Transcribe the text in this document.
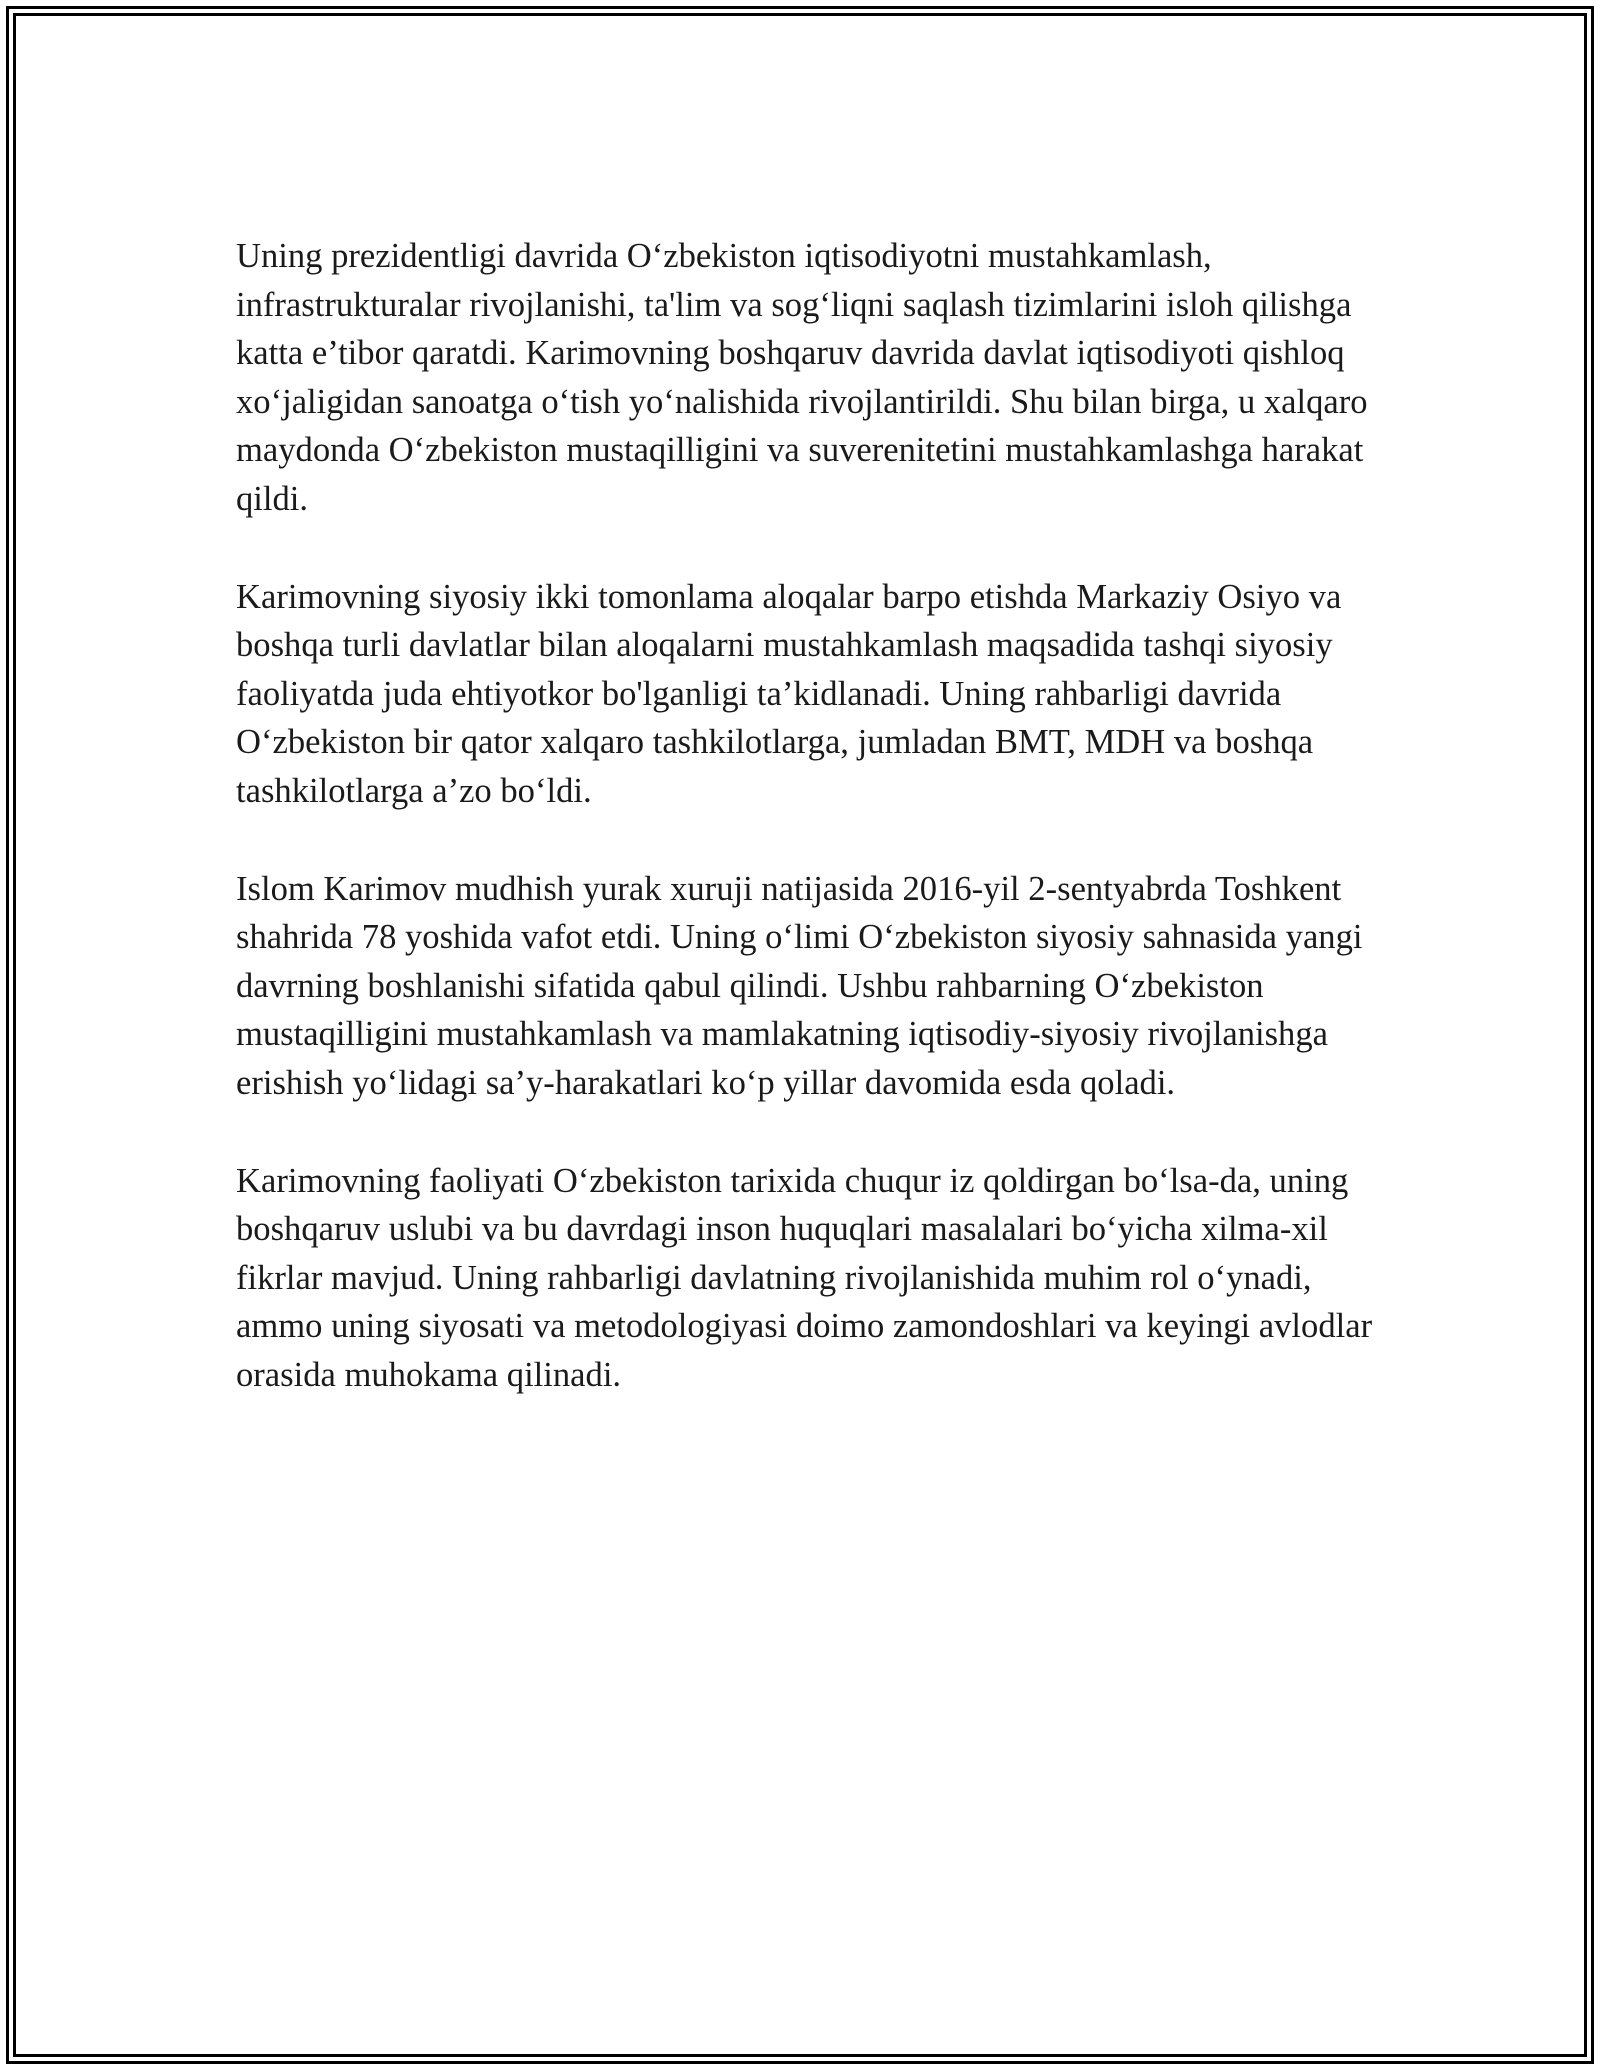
Uning prezidentligi davrida O‘zbekiston iqtisodiyotni mustahkamlash, infrastrukturalar rivojlanishi, ta'lim va sog‘liqni saqlash tizimlarini isloh qilishga katta e’tibor qaratdi. Karimovning boshqaruv davrida davlat iqtisodiyoti qishloq xo‘jaligidan sanoatga o‘tish yo‘nalishida rivojlantirildi. Shu bilan birga, u xalqaro maydonda O‘zbekiston mustaqilligini va suverenitetini mustahkamlashga harakat qildi.

Karimovning siyosiy ikki tomonlama aloqalar barpo etishda Markaziy Osiyo va boshqa turli davlatlar bilan aloqalarni mustahkamlash maqsadida tashqi siyosiy faoliyatda juda ehtiyotkor bo'lganligi ta’kidlanadi. Uning rahbarligi davrida O‘zbekiston bir qator xalqaro tashkilotlarga, jumladan BMT, MDH va boshqa tashkilotlarga a’zo bo‘ldi.

Islom Karimov mudhish yurak xuruji natijasida 2016-yil 2-sentyabrda Toshkent shahrida 78 yoshida vafot etdi. Uning o‘limi O‘zbekiston siyosiy sahnasida yangi davrning boshlanishi sifatida qabul qilindi. Ushbu rahbarning O‘zbekiston mustaqilligini mustahkamlash va mamlakatning iqtisodiy-siyosiy rivojlanishga erishish yo‘lidagi sa’y-harakatlari ko‘p yillar davomida esda qoladi.

Karimovning faoliyati O‘zbekiston tarixida chuqur iz qoldirgan bo‘lsa-da, uning boshqaruv uslubi va bu davrdagi inson huquqlari masalalari bo‘yicha xilma-xil fikrlar mavjud. Uning rahbarligi davlatning rivojlanishida muhim rol o‘ynadi, ammo uning siyosati va metodologiyasi doimo zamondoshlari va keyingi avlodlar orasida muhokama qilinadi.
